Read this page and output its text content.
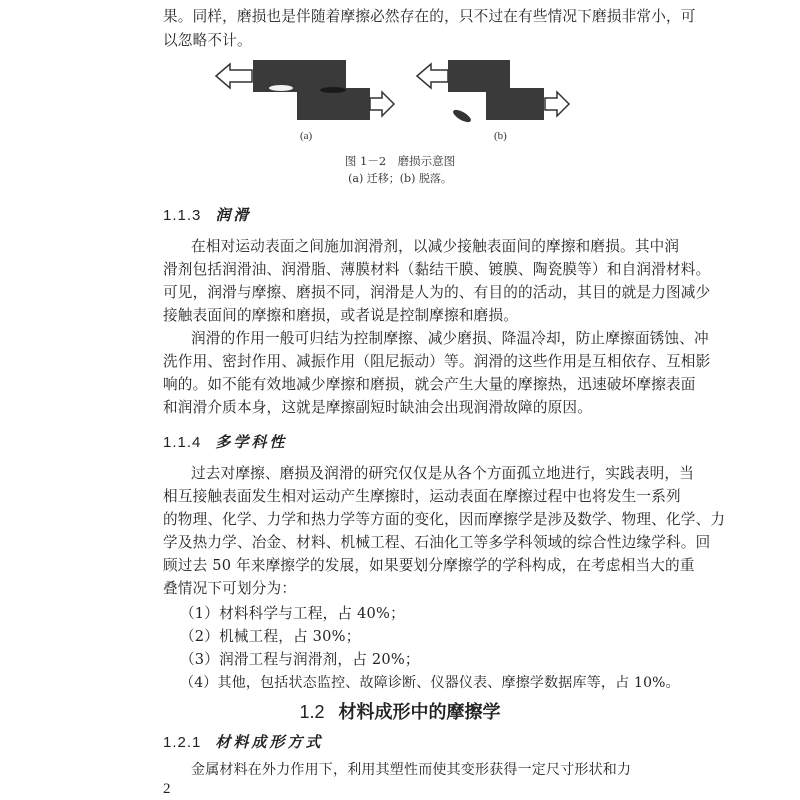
果。同样，磨损也是伴随着摩擦必然存在的，只不过在有些情况下磨损非常小，可
以忽略不计。
(a)	(b)
图 1－2　磨损示意图
(a) 迁移；(b) 脱落。
1.1.3 润滑
在相对运动表面之间施加润滑剂，以减少接触表面间的摩擦和磨损。其中润
滑剂包括润滑油、润滑脂、薄膜材料（黏结干膜、镀膜、陶瓷膜等）和自润滑材料。
可见，润滑与摩擦、磨损不同，润滑是人为的、有目的的活动，其目的就是力图减少
接触表面间的摩擦和磨损，或者说是控制摩擦和磨损。
润滑的作用一般可归结为控制摩擦、减少磨损、降温冷却，防止摩擦面锈蚀、冲
洗作用、密封作用、减振作用（阻尼振动）等。润滑的这些作用是互相依存、互相影
响的。如不能有效地减少摩擦和磨损，就会产生大量的摩擦热，迅速破坏摩擦表面
和润滑介质本身，这就是摩擦副短时缺油会出现润滑故障的原因。
1.1.4 多学科性
过去对摩擦、磨损及润滑的研究仅仅是从各个方面孤立地进行，实践表明，当
相互接触表面发生相对运动产生摩擦时，运动表面在摩擦过程中也将发生一系列
的物理、化学、力学和热力学等方面的变化，因而摩擦学是涉及数学、物理、化学、力
学及热力学、冶金、材料、机械工程、石油化工等多学科领域的综合性边缘学科。回
顾过去 50 年来摩擦学的发展，如果要划分摩擦学的学科构成，在考虑相当大的重
叠情况下可划分为：
（1）材料科学与工程，占 40%；
（2）机械工程，占 30%；
（3）润滑工程与润滑剂，占 20%；
（4）其他，包括状态监控、故障诊断、仪器仪表、摩擦学数据库等，占 10%。
1.2 材料成形中的摩擦学
1.2.1 材料成形方式
金属材料在外力作用下，利用其塑性而使其变形获得一定尺寸形状和力
2
